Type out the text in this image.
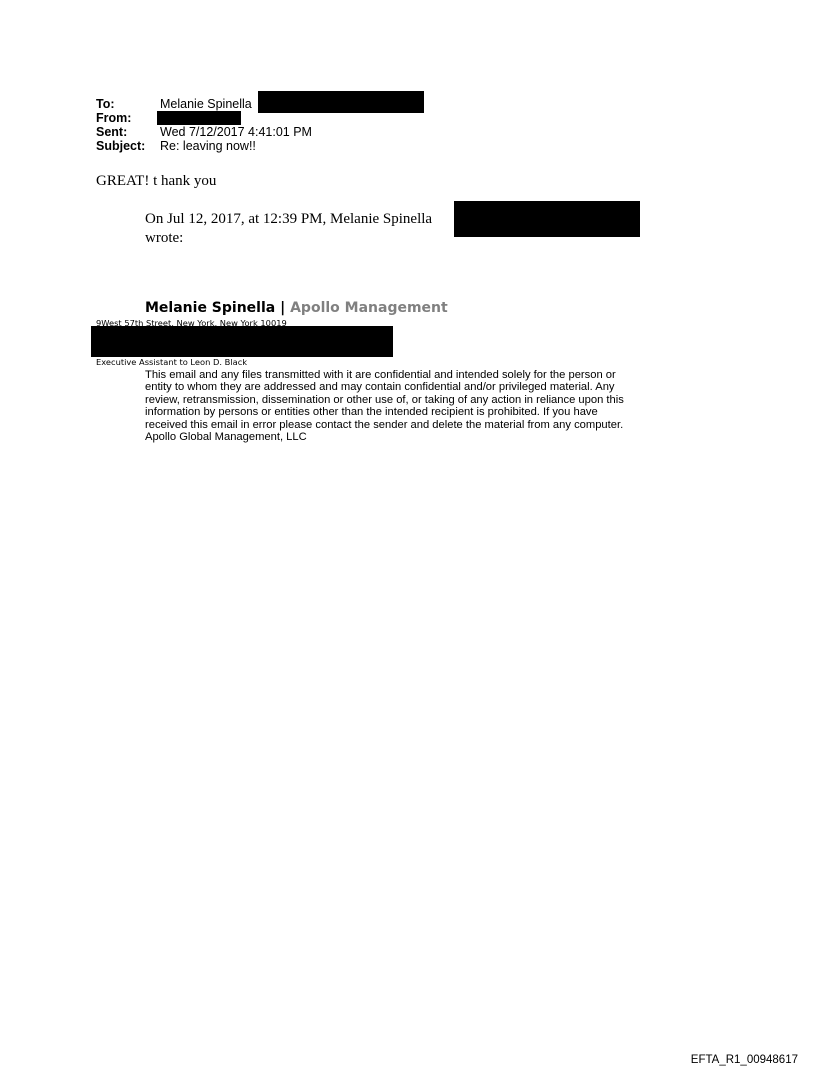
To:	Melanie Spinella
From:
Sent:	Wed 7/12/2017 4:41:01 PM
Subject: Re: leaving now!!
GREAT! t hank you
On Jul 12, 2017, at 12:39 PM, Melanie Spinella
wrote:
Melanie Spinella | Apollo Management
9West 57th Street, New York, New York 10019
Executive Assistant to Leon D. Black
This email and any files transmitted with it are confidential and intended solely for the person or
entity to whom they are addressed and may contain confidential and/or privileged material. Any
review, retransmission, dissemination or other use of, or taking of any action in reliance upon this
information by persons or entities other than the intended recipient is prohibited. If you have
received this email in error please contact the sender and delete the material from any computer.
Apollo Global Management, LLC
EFTA_R1_00948617
